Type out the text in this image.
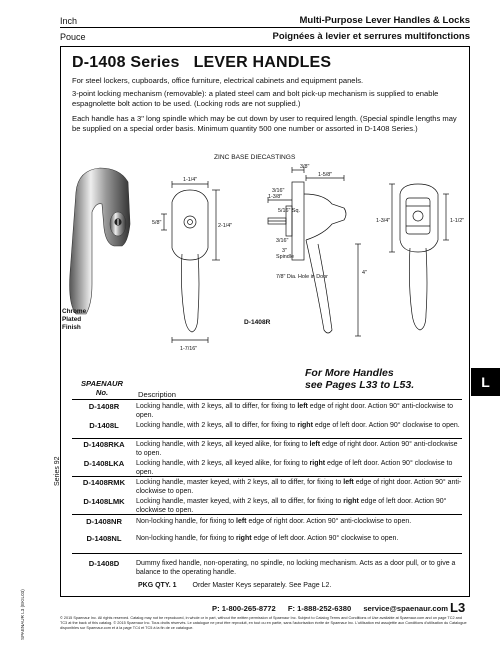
Inch	Multi-Purpose Lever Handles & Locks
Pouce	Poignées à levier et serrures multifonctions
D-1408 Series LEVER HANDLES
For steel lockers, cupboards, office furniture, electrical cabinets and equipment panels.
3-point locking mechanism (removable): a plated steel cam and bolt pick-up mechanism is supplied to enable espagnolette bolt action to be used. (Locking rods are not supplied.)
Each handle has a 3" long spindle which may be cut down by user to required length. (Special spindle lengths may be supplied on a special order basis. Minimum quantity 500 one number or assorted in D-1408 Series.)
ZINC BASE DIECASTINGS
Chrome
Plated
Finish
1-1/4"
2-1/4"
5/8"
1-7/16"
3/8"
3/16"
5/16" Sq.
1-3/8"
1-5/8"
3/16"
3"
Spindle
7/8" Dia. Hole in Door
4"
1-3/4"	1-1/2"
D-1408R
For More Handles
see Pages L33 to L53.
SPAENAUR
No.	Description
D-1408R	Locking handle, with 2 keys, all to differ, for fixing to left edge of right door. Action 90° anti-clockwise to open.
D-1408L	Locking handle, with 2 keys, all to differ, for fixing to right edge of left door. Action 90° clockwise to open.
D-1408RKA	Locking handle, with 2 keys, all keyed alike, for fixing to left edge of right door. Action 90° anti-clockwise to open.
D-1408LKA	Locking handle, with 2 keys, all keyed alike, for fixing to right edge of left door. Action 90° clockwise to open.
D-1408RMK	Locking handle, master keyed, with 2 keys, all to differ, for fixing to left edge of right door. Action 90° anti-clockwise to open.
D-1408LMK	Locking handle, master keyed, with 2 keys, all to differ, for fixing to right edge of left door. Action 90° clockwise to open.
D-1408NR	Non-locking handle, for fixing to left edge of right door. Action 90° anti-clockwise to open.
D-1408NL	Non-locking handle, for fixing to right edge of left door. Action 90° clockwise to open.
D-1408D	Dummy fixed handle, non-operating, no spindle, no locking mechanism. Acts as a door pull, or to give a balance to the operating handle.
PKG QTY. 1 Order Master Keys separately. See Page L2.
Series 92
SPAENAUR L3 (EKIL03)
L
P: 1-800-265-8772 F: 1-888-252-6380 service@spaenaur.com L3
© 2015 Spaenaur Inc. All rights reserved. Catalog may not be reproduced, in whole or in part, without the written permission of Spaenaur Inc. Subject to Catalog Terms and Conditions of Use available at Spaenaur.com and on page TC2 and TC3 at the back of this catalog. © 2015 Spaenaur Inc. Tous droits réservés. Le catalogue ne peut être reproduit, en tout ou en partie, sans l'autorisation écrite de Spaenaur Inc. L'utilisation est assujettie aux Conditions d'utilisation du Catalogue disponibles sur Spaenaur.com et à la page TC4 et TC5 à la fin de ce catalogue.
